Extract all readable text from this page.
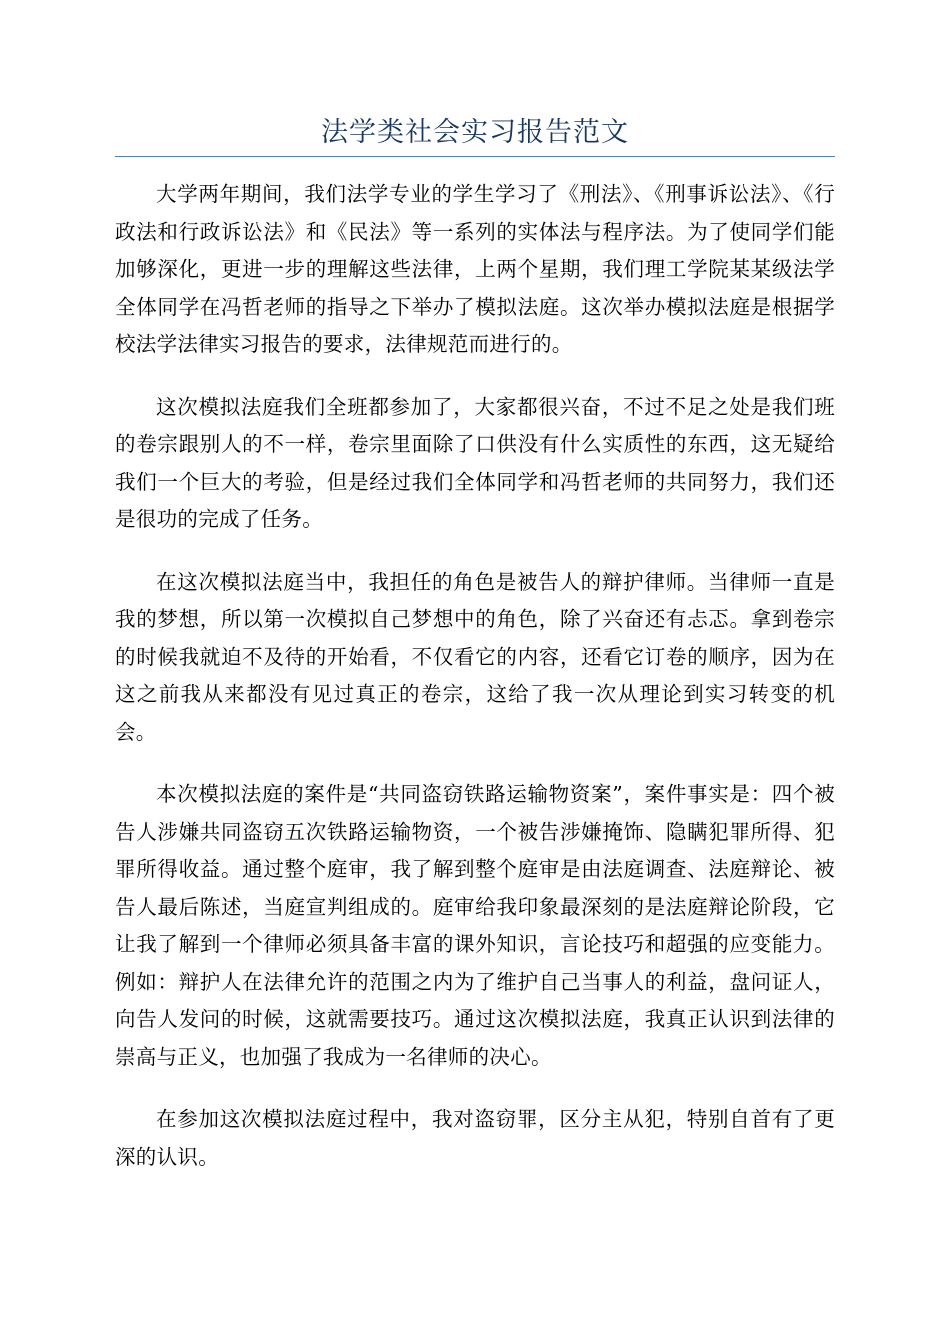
法学类社会实习报告范文

大学两年期间，我们法学专业的学生学习了《刑法》、《刑事诉讼法》、《行政法和行政诉讼法》和《民法》等一系列的实体法与程序法。为了使同学们能加够深化，更进一步的理解这些法律，上两个星期，我们理工学院某某级法学全体同学在冯哲老师的指导之下举办了模拟法庭。这次举办模拟法庭是根据学校法学法律实习报告的要求，法律规范而进行的。

这次模拟法庭我们全班都参加了，大家都很兴奋，不过不足之处是我们班的卷宗跟别人的不一样，卷宗里面除了口供没有什么实质性的东西，这无疑给我们一个巨大的考验，但是经过我们全体同学和冯哲老师的共同努力，我们还是很功的完成了任务。

在这次模拟法庭当中，我担任的角色是被告人的辩护律师。当律师一直是我的梦想，所以第一次模拟自己梦想中的角色，除了兴奋还有忐忑。拿到卷宗的时候我就迫不及待的开始看，不仅看它的内容，还看它订卷的顺序，因为在这之前我从来都没有见过真正的卷宗，这给了我一次从理论到实习转变的机会。

本次模拟法庭的案件是“共同盗窃铁路运输物资案”，案件事实是：四个被告人涉嫌共同盗窃五次铁路运输物资，一个被告涉嫌掩饰、隐瞒犯罪所得、犯罪所得收益。通过整个庭审，我了解到整个庭审是由法庭调查、法庭辩论、被告人最后陈述，当庭宣判组成的。庭审给我印象最深刻的是法庭辩论阶段，它让我了解到一个律师必须具备丰富的课外知识，言论技巧和超强的应变能力。例如：辩护人在法律允许的范围之内为了维护自己当事人的利益，盘问证人，向告人发问的时候，这就需要技巧。通过这次模拟法庭，我真正认识到法律的崇高与正义，也加强了我成为一名律师的决心。

在参加这次模拟法庭过程中，我对盗窃罪，区分主从犯，特别自首有了更深的认识。
